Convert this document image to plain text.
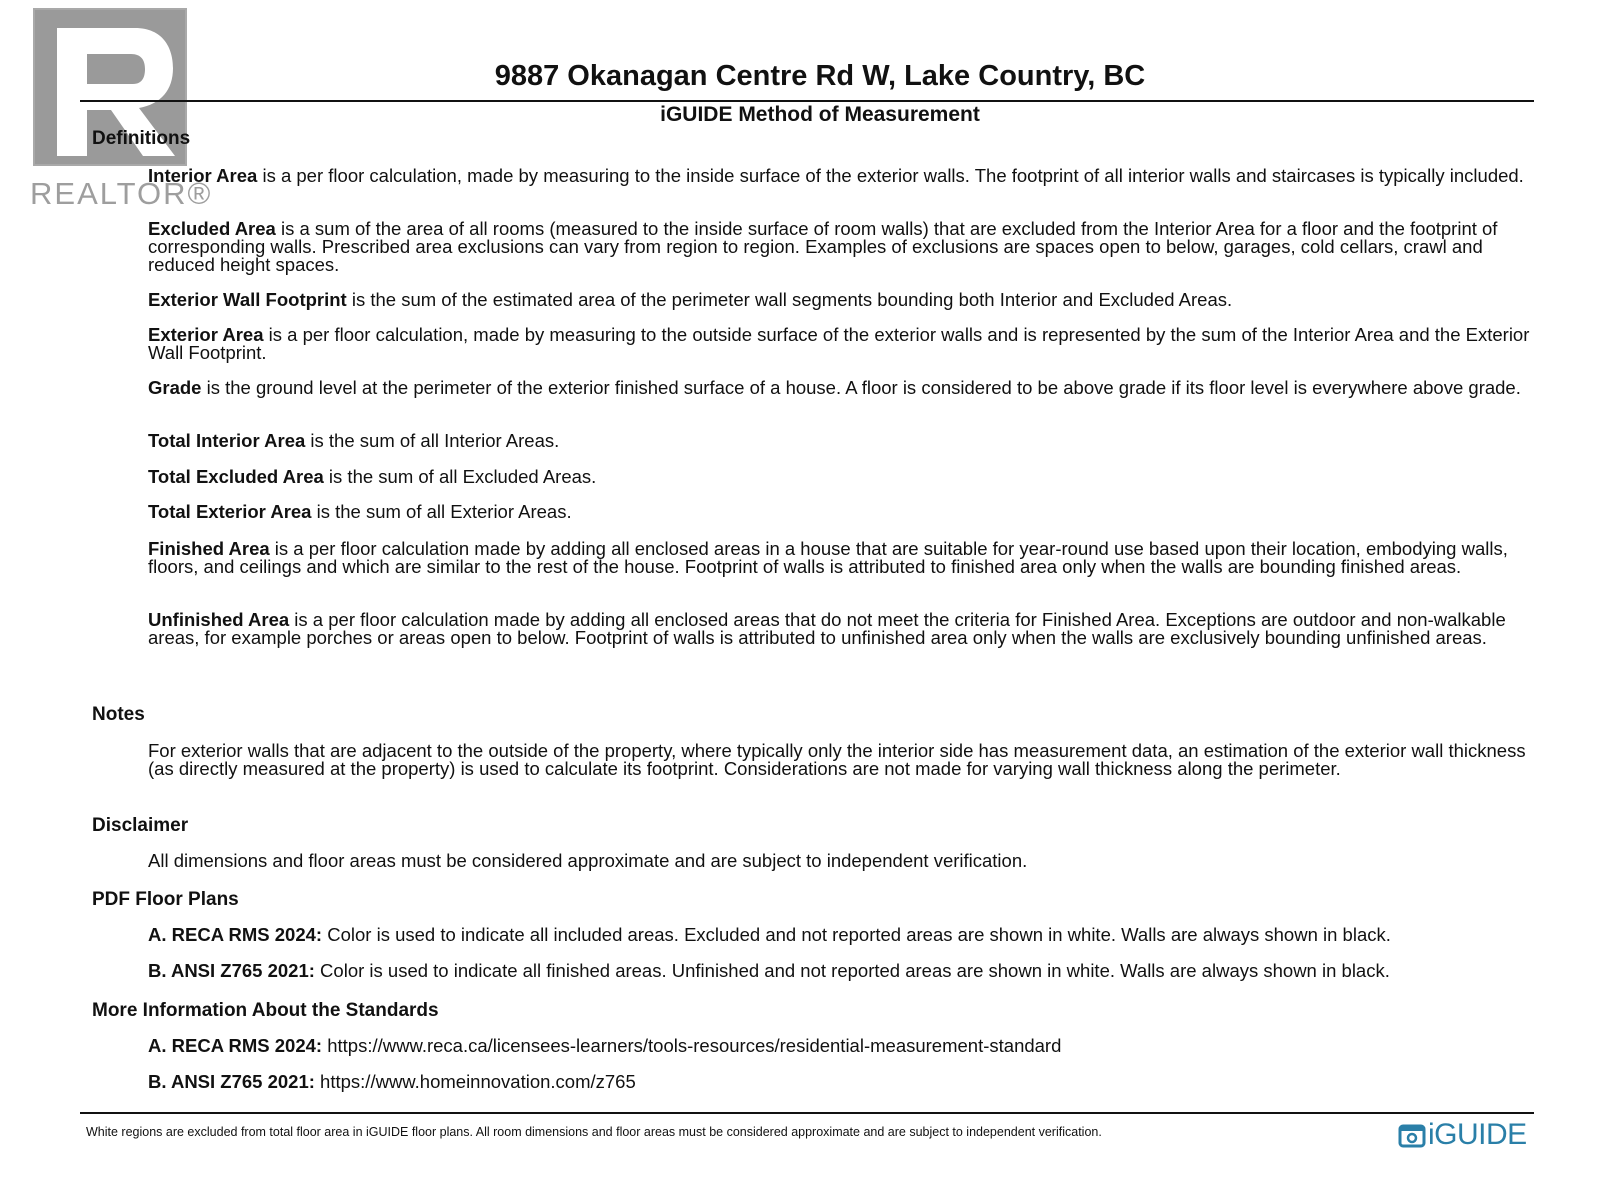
REALTOR®
9887 Okanagan Centre Rd W, Lake Country, BC
iGUIDE Method of Measurement
Definitions
Interior Area is a per floor calculation, made by measuring to the inside surface of the exterior walls. The footprint of all interior walls and staircases is typically included.
Excluded Area is a sum of the area of all rooms (measured to the inside surface of room walls) that are excluded from the Interior Area for a floor and the footprint of corresponding walls. Prescribed area exclusions can vary from region to region. Examples of exclusions are spaces open to below, garages, cold cellars, crawl and reduced height spaces.
Exterior Wall Footprint is the sum of the estimated area of the perimeter wall segments bounding both Interior and Excluded Areas.
Exterior Area is a per floor calculation, made by measuring to the outside surface of the exterior walls and is represented by the sum of the Interior Area and the Exterior Wall Footprint.
Grade is the ground level at the perimeter of the exterior finished surface of a house. A floor is considered to be above grade if its floor level is everywhere above grade.
Total Interior Area is the sum of all Interior Areas.
Total Excluded Area is the sum of all Excluded Areas.
Total Exterior Area is the sum of all Exterior Areas.
Finished Area is a per floor calculation made by adding all enclosed areas in a house that are suitable for year-round use based upon their location, embodying walls, floors, and ceilings and which are similar to the rest of the house. Footprint of walls is attributed to finished area only when the walls are bounding finished areas.
Unfinished Area is a per floor calculation made by adding all enclosed areas that do not meet the criteria for Finished Area. Exceptions are outdoor and non-walkable areas, for example porches or areas open to below. Footprint of walls is attributed to unfinished area only when the walls are exclusively bounding unfinished areas.
Notes
For exterior walls that are adjacent to the outside of the property, where typically only the interior side has measurement data, an estimation of the exterior wall thickness (as directly measured at the property) is used to calculate its footprint. Considerations are not made for varying wall thickness along the perimeter.
Disclaimer
All dimensions and floor areas must be considered approximate and are subject to independent verification.
PDF Floor Plans
A. RECA RMS 2024: Color is used to indicate all included areas. Excluded and not reported areas are shown in white. Walls are always shown in black.
B. ANSI Z765 2021: Color is used to indicate all finished areas. Unfinished and not reported areas are shown in white. Walls are always shown in black.
More Information About the Standards
A. RECA RMS 2024: https://www.reca.ca/licensees-learners/tools-resources/residential-measurement-standard
B. ANSI Z765 2021: https://www.homeinnovation.com/z765
White regions are excluded from total floor area in iGUIDE floor plans. All room dimensions and floor areas must be considered approximate and are subject to independent verification.	iGUIDE
